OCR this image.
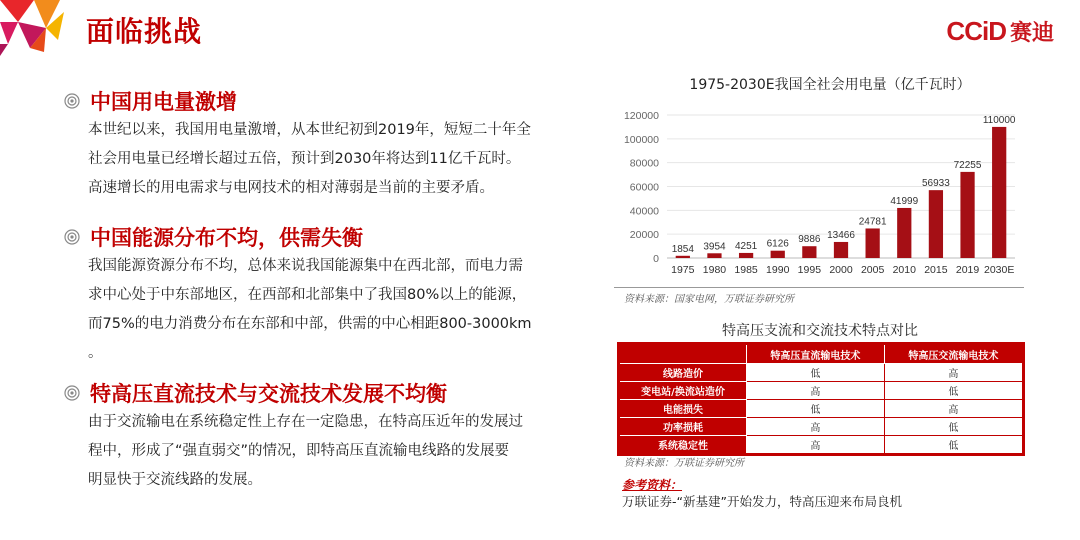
面临挑战	CCiD 赛迪
中国用电量激增
本世纪以来，我国用电量激增，从本世纪初到2019年，短短二十年全
社会用电量已经增长超过五倍，预计到2030年将达到11亿千瓦时。
高速增长的用电需求与电网技术的相对薄弱是当前的主要矛盾。
中国能源分布不均，供需失衡
我国能源资源分布不均，总体来说我国能源集中在西北部，而电力需
求中心处于中东部地区，在西部和北部集中了我国80%以上的能源，
而75%的电力消费分布在东部和中部，供需的中心相距800-3000km
。
特高压直流技术与交流技术发展不均衡
由于交流输电在系统稳定性上存在一定隐患，在特高压近年的发展过
程中，形成了“强直弱交”的情况，即特高压直流输电线路的发展要
明显快于交流线路的发展。
1975-2030E我国全社会用电量（亿千瓦时）
0
20000
40000
60000
80000
100000
120000
1854
1975
3954
1980
4251
1985
6126
1990
9886
1995
13466
2000
24781
2005
41999
2010
56933
2015
72255
2019
110000
2030E
资料来源：国家电网，万联证券研究所
特高压支流和交流技术特点对比
	特高压直流输电技术	特高压交流输电技术
线路造价	低	高
变电站/换流站造价	高	低
电能损失	低	高
功率损耗	高	低
系统稳定性	高	低
资料来源：万联证券研究所
参考资料：
万联证券-“新基建”开始发力，特高压迎来布局良机
